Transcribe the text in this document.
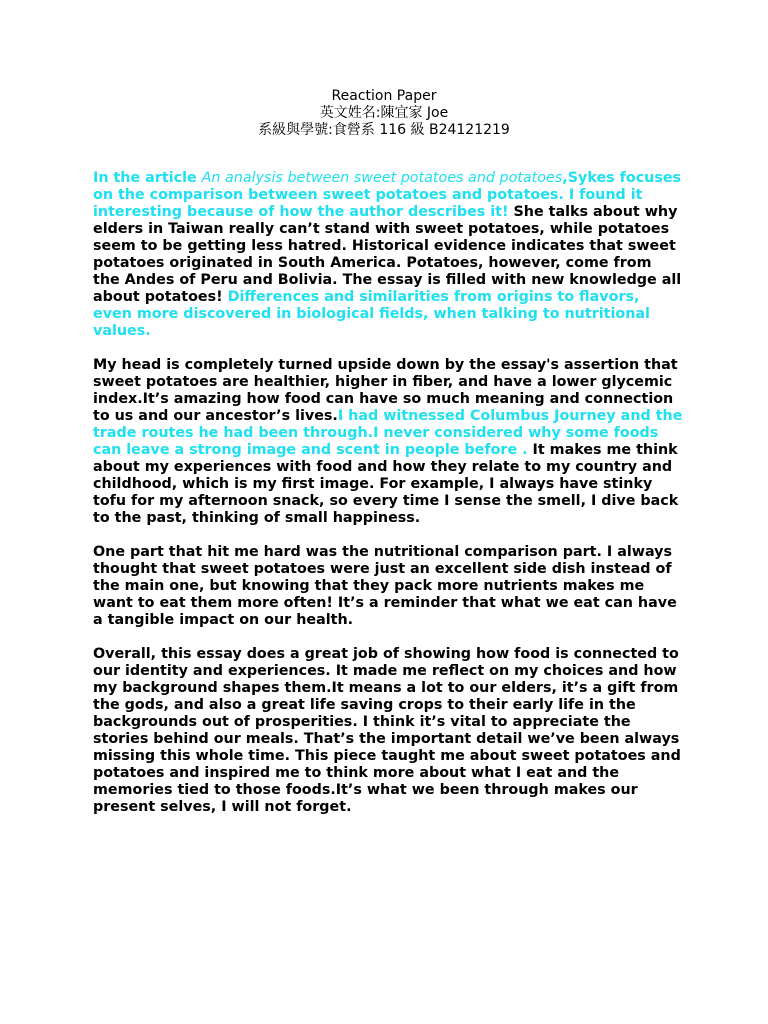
Reaction Paper
英文姓名:陳宜家 Joe
系級與學號:食營系 116 級 B24121219

In the article An analysis between sweet potatoes and potatoes,Sykes focuses on the comparison between sweet potatoes and potatoes. I found it interesting because of how the author describes it! She talks about why elders in Taiwan really can’t stand with sweet potatoes, while potatoes seem to be getting less hatred. Historical evidence indicates that sweet potatoes originated in South America. Potatoes, however, come from the Andes of Peru and Bolivia. The essay is filled with new knowledge all about potatoes! Differences and similarities from origins to flavors, even more discovered in biological fields, when talking to nutritional values.

My head is completely turned upside down by the essay's assertion that sweet potatoes are healthier, higher in fiber, and have a lower glycemic index.It’s amazing how food can have so much meaning and connection to us and our ancestor’s lives.I had witnessed Columbus Journey and the trade routes he had been through.I never considered why some foods can leave a strong image and scent in people before . It makes me think about my experiences with food and how they relate to my country and childhood, which is my first image. For example, I always have stinky tofu for my afternoon snack, so every time I sense the smell, I dive back to the past, thinking of small happiness.

One part that hit me hard was the nutritional comparison part. I always thought that sweet potatoes were just an excellent side dish instead of the main one, but knowing that they pack more nutrients makes me want to eat them more often! It’s a reminder that what we eat can have a tangible impact on our health.

Overall, this essay does a great job of showing how food is connected to our identity and experiences. It made me reflect on my choices and how my background shapes them.It means a lot to our elders, it’s a gift from the gods, and also a great life saving crops to their early life in the backgrounds out of prosperities. I think it’s vital to appreciate the stories behind our meals. That’s the important detail we’ve been always missing this whole time. This piece taught me about sweet potatoes and potatoes and inspired me to think more about what I eat and the memories tied to those foods.It’s what we been through makes our present selves, I will not forget.
